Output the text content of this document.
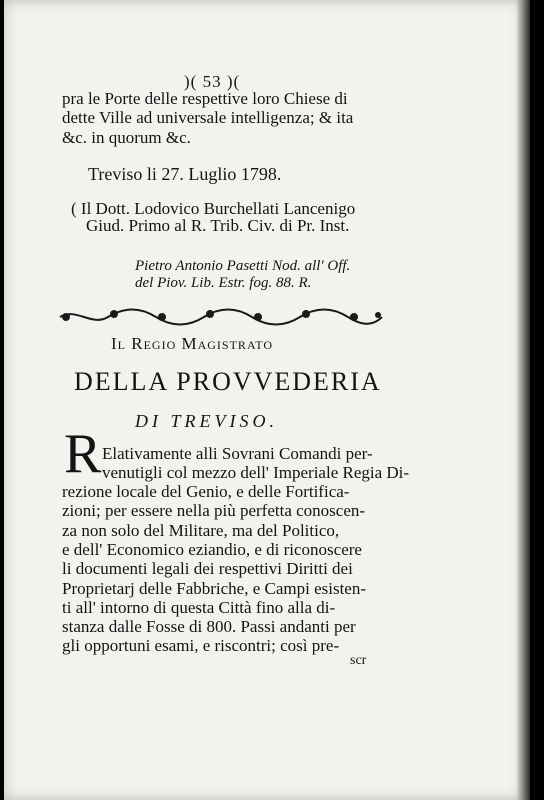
)( 53 )(
pra le Porte delle respettive loro Chiese di
dette Ville ad universale intelligenza; & ita
&c. in quorum &c.
Treviso li 27. Luglio 1798.
( Il Dott. Lodovico Burchellati Lancenigo
Giud. Primo al R. Trib. Civ. di Pr. Inst.
Pietro Antonio Pasetti Nod. all' Off.
del Piov. Lib. Estr. fog. 88. R.
Il Regio Magistrato
DELLA PROVVEDERIA
DI TREVISO.
R Elativamente alli Sovrani Comandi per-
venutigli col mezzo dell' Imperiale Regia Di-
rezione locale del Genio, e delle Fortifica-
zioni; per essere nella più perfetta conoscen-
za non solo del Militare, ma del Politico,
e dell' Economico eziandio, e di riconoscere
li documenti legali dei respettivi Diritti dei
Proprietarj delle Fabbriche, e Campi esisten-
ti all' intorno di questa Città fino alla di-
stanza dalle Fosse di 800. Passi andanti per
gli opportuni esami, e riscontri; così pre-
scr
